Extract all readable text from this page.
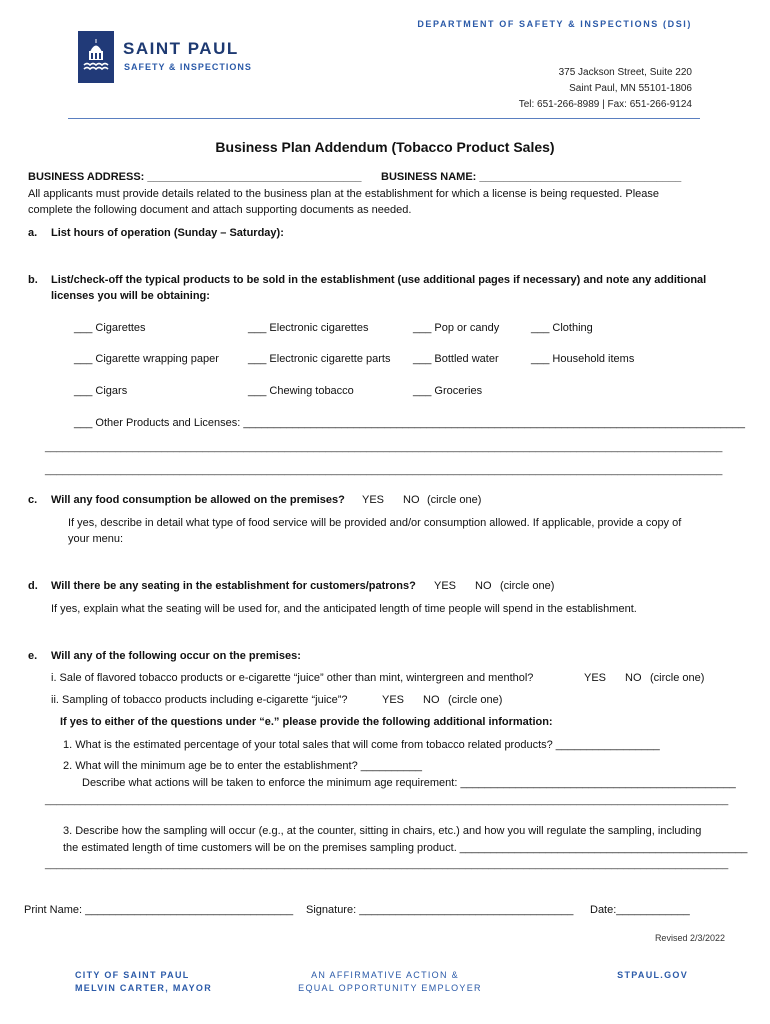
DEPARTMENT OF SAFETY & INSPECTIONS (DSI)
SAINT PAUL
SAFETY & INSPECTIONS	375 Jackson Street, Suite 220
Saint Paul, MN 55101-1806
Tel: 651-266-8989 | Fax: 651-266-9124
Business Plan Addendum (Tobacco Product Sales)
BUSINESS ADDRESS: ___________________________________ BUSINESS NAME: _________________________________
All applicants must provide details related to the business plan at the establishment for which a license is being requested. Please
complete the following document and attach supporting documents as needed.
a. List hours of operation (Sunday – Saturday):
b. List/check-off the typical products to be sold in the establishment (use additional pages if necessary) and note any additional
licenses you will be obtaining:
___ Cigarettes	___ Electronic cigarettes	___ Pop or candy	___ Clothing
___ Cigarette wrapping paper	___ Electronic cigarette parts ___ Bottled water	___ Household items
___ Cigars	___ Chewing tobacco	___ Groceries
___ Other Products and Licenses: __________________________________________________________________________________
____________________________________________________________________________________________________________________
____________________________________________________________________________________________________________________
c. Will any food consumption be allowed on the premises? YES NO (circle one)
If yes, describe in detail what type of food service will be provided and/or consumption allowed. If applicable, provide a copy of
your menu:
d. Will there be any seating in the establishment for customers/patrons? YES NO (circle one)
If yes, explain what the seating will be used for, and the anticipated length of time people will spend in the establishment.
e. Will any of the following occur on the premises:
i. Sale of flavored tobacco products or e-cigarette “juice” other than mint, wintergreen and menthol?	YES NO (circle one)
ii. Sampling of tobacco products including e-cigarette “juice”?	YES NO (circle one)
If yes to either of the questions under “e.” please provide the following additional information:
1. What is the estimated percentage of your total sales that will come from tobacco related products? _________________
2. What will the minimum age be to enter the establishment? __________
Describe what actions will be taken to enforce the minimum age requirement: _____________________________________________
_____________________________________________________________________________________________________________________
3. Describe how the sampling will occur (e.g., at the counter, sitting in chairs, etc.) and how you will regulate the sampling, including
the estimated length of time customers will be on the premises sampling product. _______________________________________________
_____________________________________________________________________________________________________________________
Print Name: __________________________________ Signature: ___________________________________ Date:____________
Revised 2/3/2022
CITY OF SAINT PAUL
MELVIN CARTER, MAYOR
AN AFFIRMATIVE ACTION &
EQUAL OPPORTUNITY EMPLOYER
STPAUL.GOV
